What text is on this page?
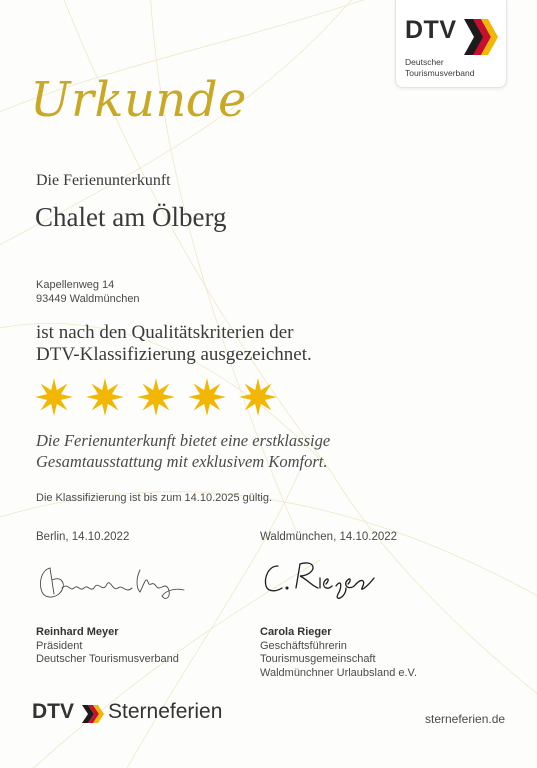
DTV
Deutscher
Tourismusverband
Urkunde
Die Ferienunterkunft
Chalet am Ölberg
Kapellenweg 14
93449 Waldmünchen
ist nach den Qualitätskriterien der
DTV-Klassifizierung ausgezeichnet.
Die Ferienunterkunft bietet eine erstklassige
Gesamtausstattung mit exklusivem Komfort.
Die Klassifizierung ist bis zum 14.10.2025 gültig.
Berlin, 14.10.2022	Waldmünchen, 14.10.2022
Reinhard Meyer
Präsident
Deutscher Tourismusverband
Carola Rieger
Geschäftsführerin
Tourismusgemeinschaft
Waldmünchner Urlaubsland e.V.
DTV Sterneferien	sterneferien.de
